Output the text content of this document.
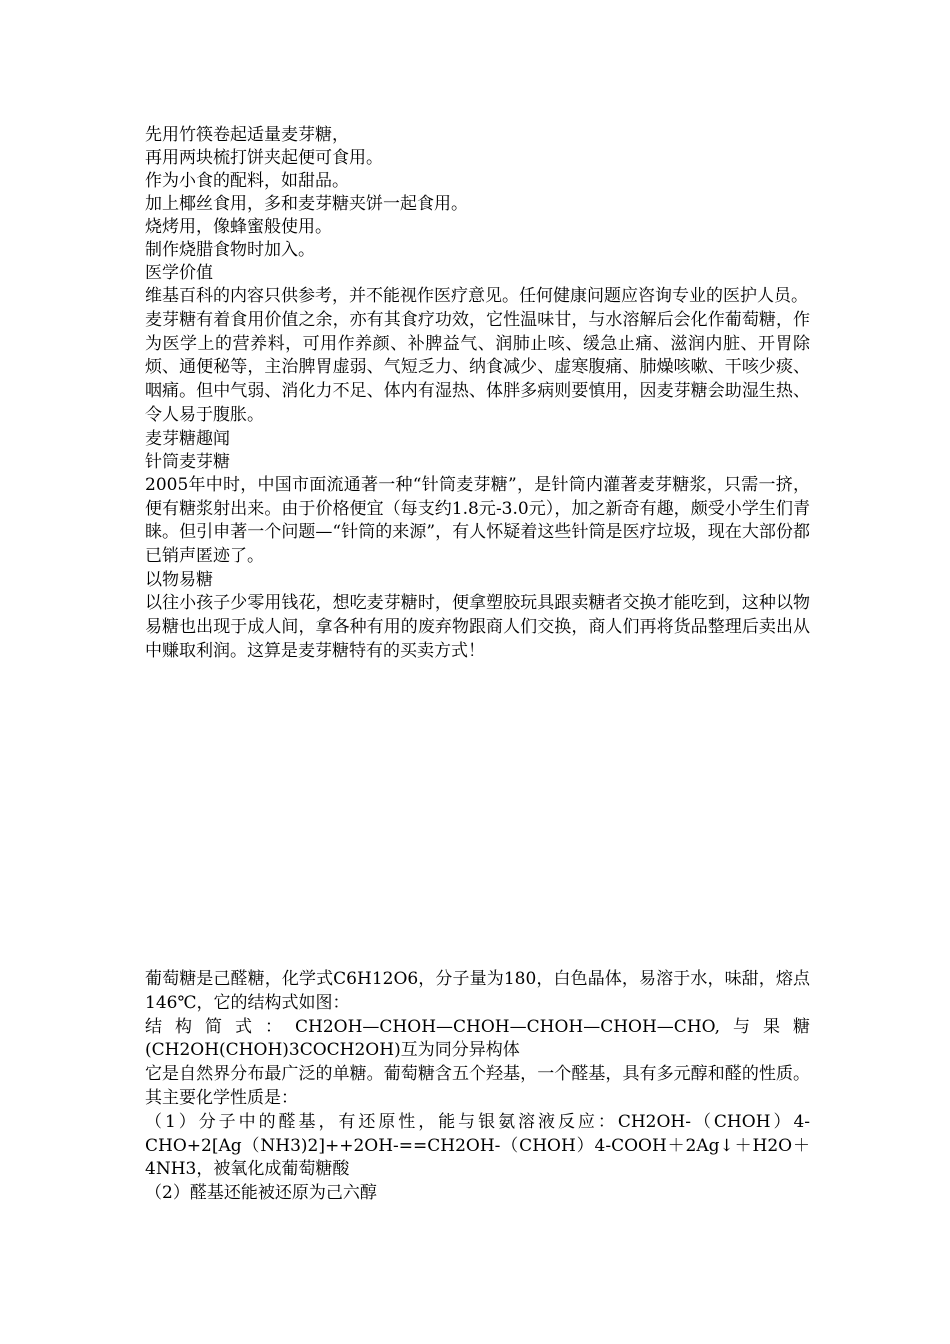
先用竹筷卷起适量麦芽糖，
再用两块梳打饼夹起便可食用。
作为小食的配料，如甜品。
加上椰丝食用，多和麦芽糖夹饼一起食用。
烧烤用，像蜂蜜般使用。
制作烧腊食物时加入。
医学价值
维基百科的内容只供参考，并不能视作医疗意见。任何健康问题应咨询专业的医护人员。
麦芽糖有着食用价值之余，亦有其食疗功效，它性温味甘，与水溶解后会化作葡萄糖，作为医学上的营养料，可用作养颜、补脾益气、润肺止咳、缓急止痛、滋润内脏、开胃除烦、通便秘等，主治脾胃虚弱、气短乏力、纳食减少、虚寒腹痛、肺燥咳嗽、干咳少痰、咽痛。但中气弱、消化力不足、体内有湿热、体胖多病则要慎用，因麦芽糖会助湿生热、令人易于腹胀。
麦芽糖趣闻
针筒麦芽糖
2005年中时，中国市面流通著一种“针筒麦芽糖”，是针筒内灌著麦芽糖浆，只需一挤，便有糖浆射出来。由于价格便宜（每支约1.8元-3.0元），加之新奇有趣，颇受小学生们青睐。但引申著一个问题—“针筒的来源”，有人怀疑着这些针筒是医疗垃圾，现在大部份都已销声匿迹了。
以物易糖
以往小孩子少零用钱花，想吃麦芽糖时，便拿塑胶玩具跟卖糖者交换才能吃到，这种以物易糖也出现于成人间，拿各种有用的废弃物跟商人们交换，商人们再将货品整理后卖出从中赚取利润。这算是麦芽糖特有的买卖方式！
葡萄糖是己醛糖，化学式C6H12O6，分子量为180，白色晶体，易溶于水，味甜，熔点146℃，它的结构式如图：
结构简式：CH2OH—CHOH—CHOH—CHOH—CHOH—CHO,与果糖(CH2OH(CHOH)3COCH2OH)互为同分异构体
它是自然界分布最广泛的单糖。葡萄糖含五个羟基，一个醛基，具有多元醇和醛的性质。其主要化学性质是：
（1）分子中的醛基，有还原性，能与银氨溶液反应：CH2OH-（CHOH）4-CHO+2[Ag（NH3)2]++2OH-==CH2OH-（CHOH）4-COOH＋2Ag↓＋H2O＋4NH3，被氧化成葡萄糖酸
（2）醛基还能被还原为己六醇
